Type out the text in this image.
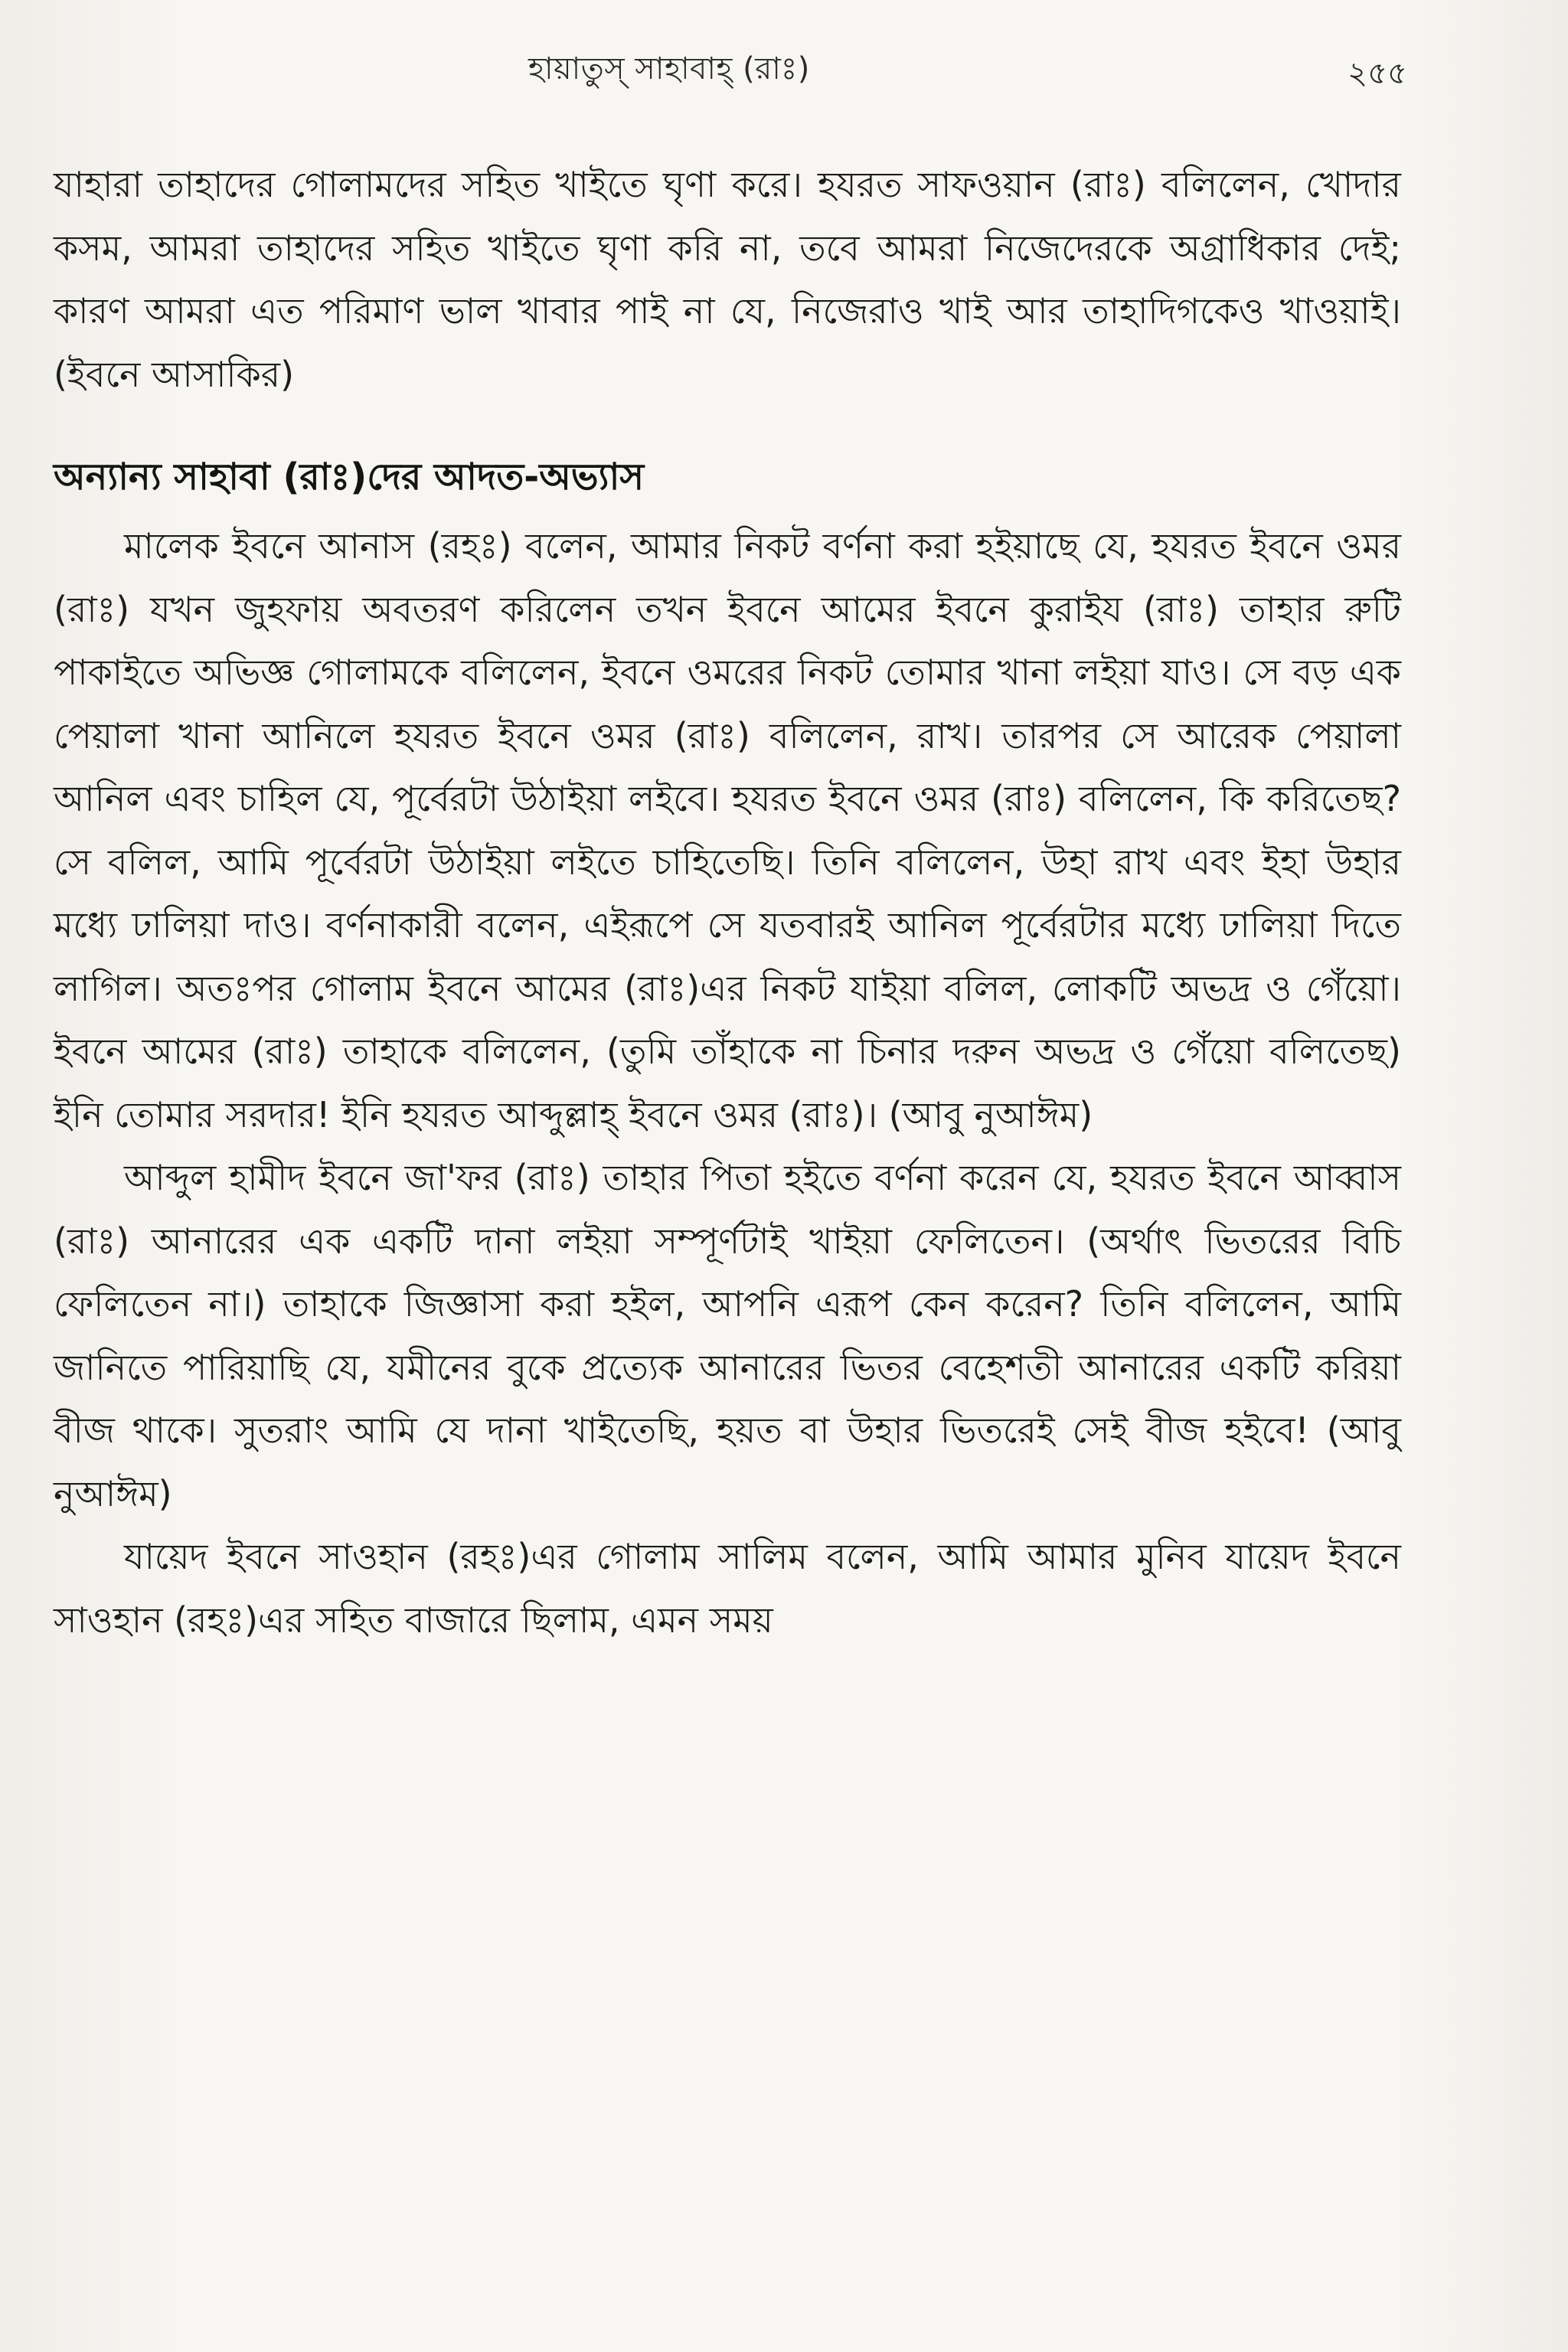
হায়াতুস্ সাহাবাহ্ (রাঃ)	২৫৫

যাহারা তাহাদের গোলামদের সহিত খাইতে ঘৃণা করে। হযরত সাফওয়ান (রাঃ) বলিলেন, খোদার কসম, আমরা তাহাদের সহিত খাইতে ঘৃণা করি না, তবে আমরা নিজেদেরকে অগ্রাধিকার দেই; কারণ আমরা এত পরিমাণ ভাল খাবার পাই না যে, নিজেরাও খাই আর তাহাদিগকেও খাওয়াই। (ইবনে আসাকির)

অন্যান্য সাহাবা (রাঃ)দের আদত-অভ্যাস

মালেক ইবনে আনাস (রহঃ) বলেন, আমার নিকট বর্ণনা করা হইয়াছে যে, হযরত ইবনে ওমর (রাঃ) যখন জুহফায় অবতরণ করিলেন তখন ইবনে আমের ইবনে কুরাইয (রাঃ) তাহার রুটি পাকাইতে অভিজ্ঞ গোলামকে বলিলেন, ইবনে ওমরের নিকট তোমার খানা লইয়া যাও। সে বড় এক পেয়ালা খানা আনিলে হযরত ইবনে ওমর (রাঃ) বলিলেন, রাখ। তারপর সে আরেক পেয়ালা আনিল এবং চাহিল যে, পূর্বেরটা উঠাইয়া লইবে। হযরত ইবনে ওমর (রাঃ) বলিলেন, কি করিতেছ? সে বলিল, আমি পূর্বেরটা উঠাইয়া লইতে চাহিতেছি। তিনি বলিলেন, উহা রাখ এবং ইহা উহার মধ্যে ঢালিয়া দাও। বর্ণনাকারী বলেন, এইরূপে সে যতবারই আনিল পূর্বেরটার মধ্যে ঢালিয়া দিতে লাগিল। অতঃপর গোলাম ইবনে আমের (রাঃ)এর নিকট যাইয়া বলিল, লোকটি অভদ্র ও গেঁয়ো। ইবনে আমের (রাঃ) তাহাকে বলিলেন, (তুমি তাঁহাকে না চিনার দরুন অভদ্র ও গেঁয়ো বলিতেছ) ইনি তোমার সরদার! ইনি হযরত আব্দুল্লাহ্ ইবনে ওমর (রাঃ)। (আবু নুআঈম)

আব্দুল হামীদ ইবনে জা'ফর (রাঃ) তাহার পিতা হইতে বর্ণনা করেন যে, হযরত ইবনে আব্বাস (রাঃ) আনারের এক একটি দানা লইয়া সম্পূর্ণটাই খাইয়া ফেলিতেন। (অর্থাৎ ভিতরের বিচি ফেলিতেন না।) তাহাকে জিজ্ঞাসা করা হইল, আপনি এরূপ কেন করেন? তিনি বলিলেন, আমি জানিতে পারিয়াছি যে, যমীনের বুকে প্রত্যেক আনারের ভিতর বেহেশতী আনারের একটি করিয়া বীজ থাকে। সুতরাং আমি যে দানা খাইতেছি, হয়ত বা উহার ভিতরেই সেই বীজ হইবে! (আবু নুআঈম)

যায়েদ ইবনে সাওহান (রহঃ)এর গোলাম সালিম বলেন, আমি আমার মুনিব যায়েদ ইবনে সাওহান (রহঃ)এর সহিত বাজারে ছিলাম, এমন সময়
